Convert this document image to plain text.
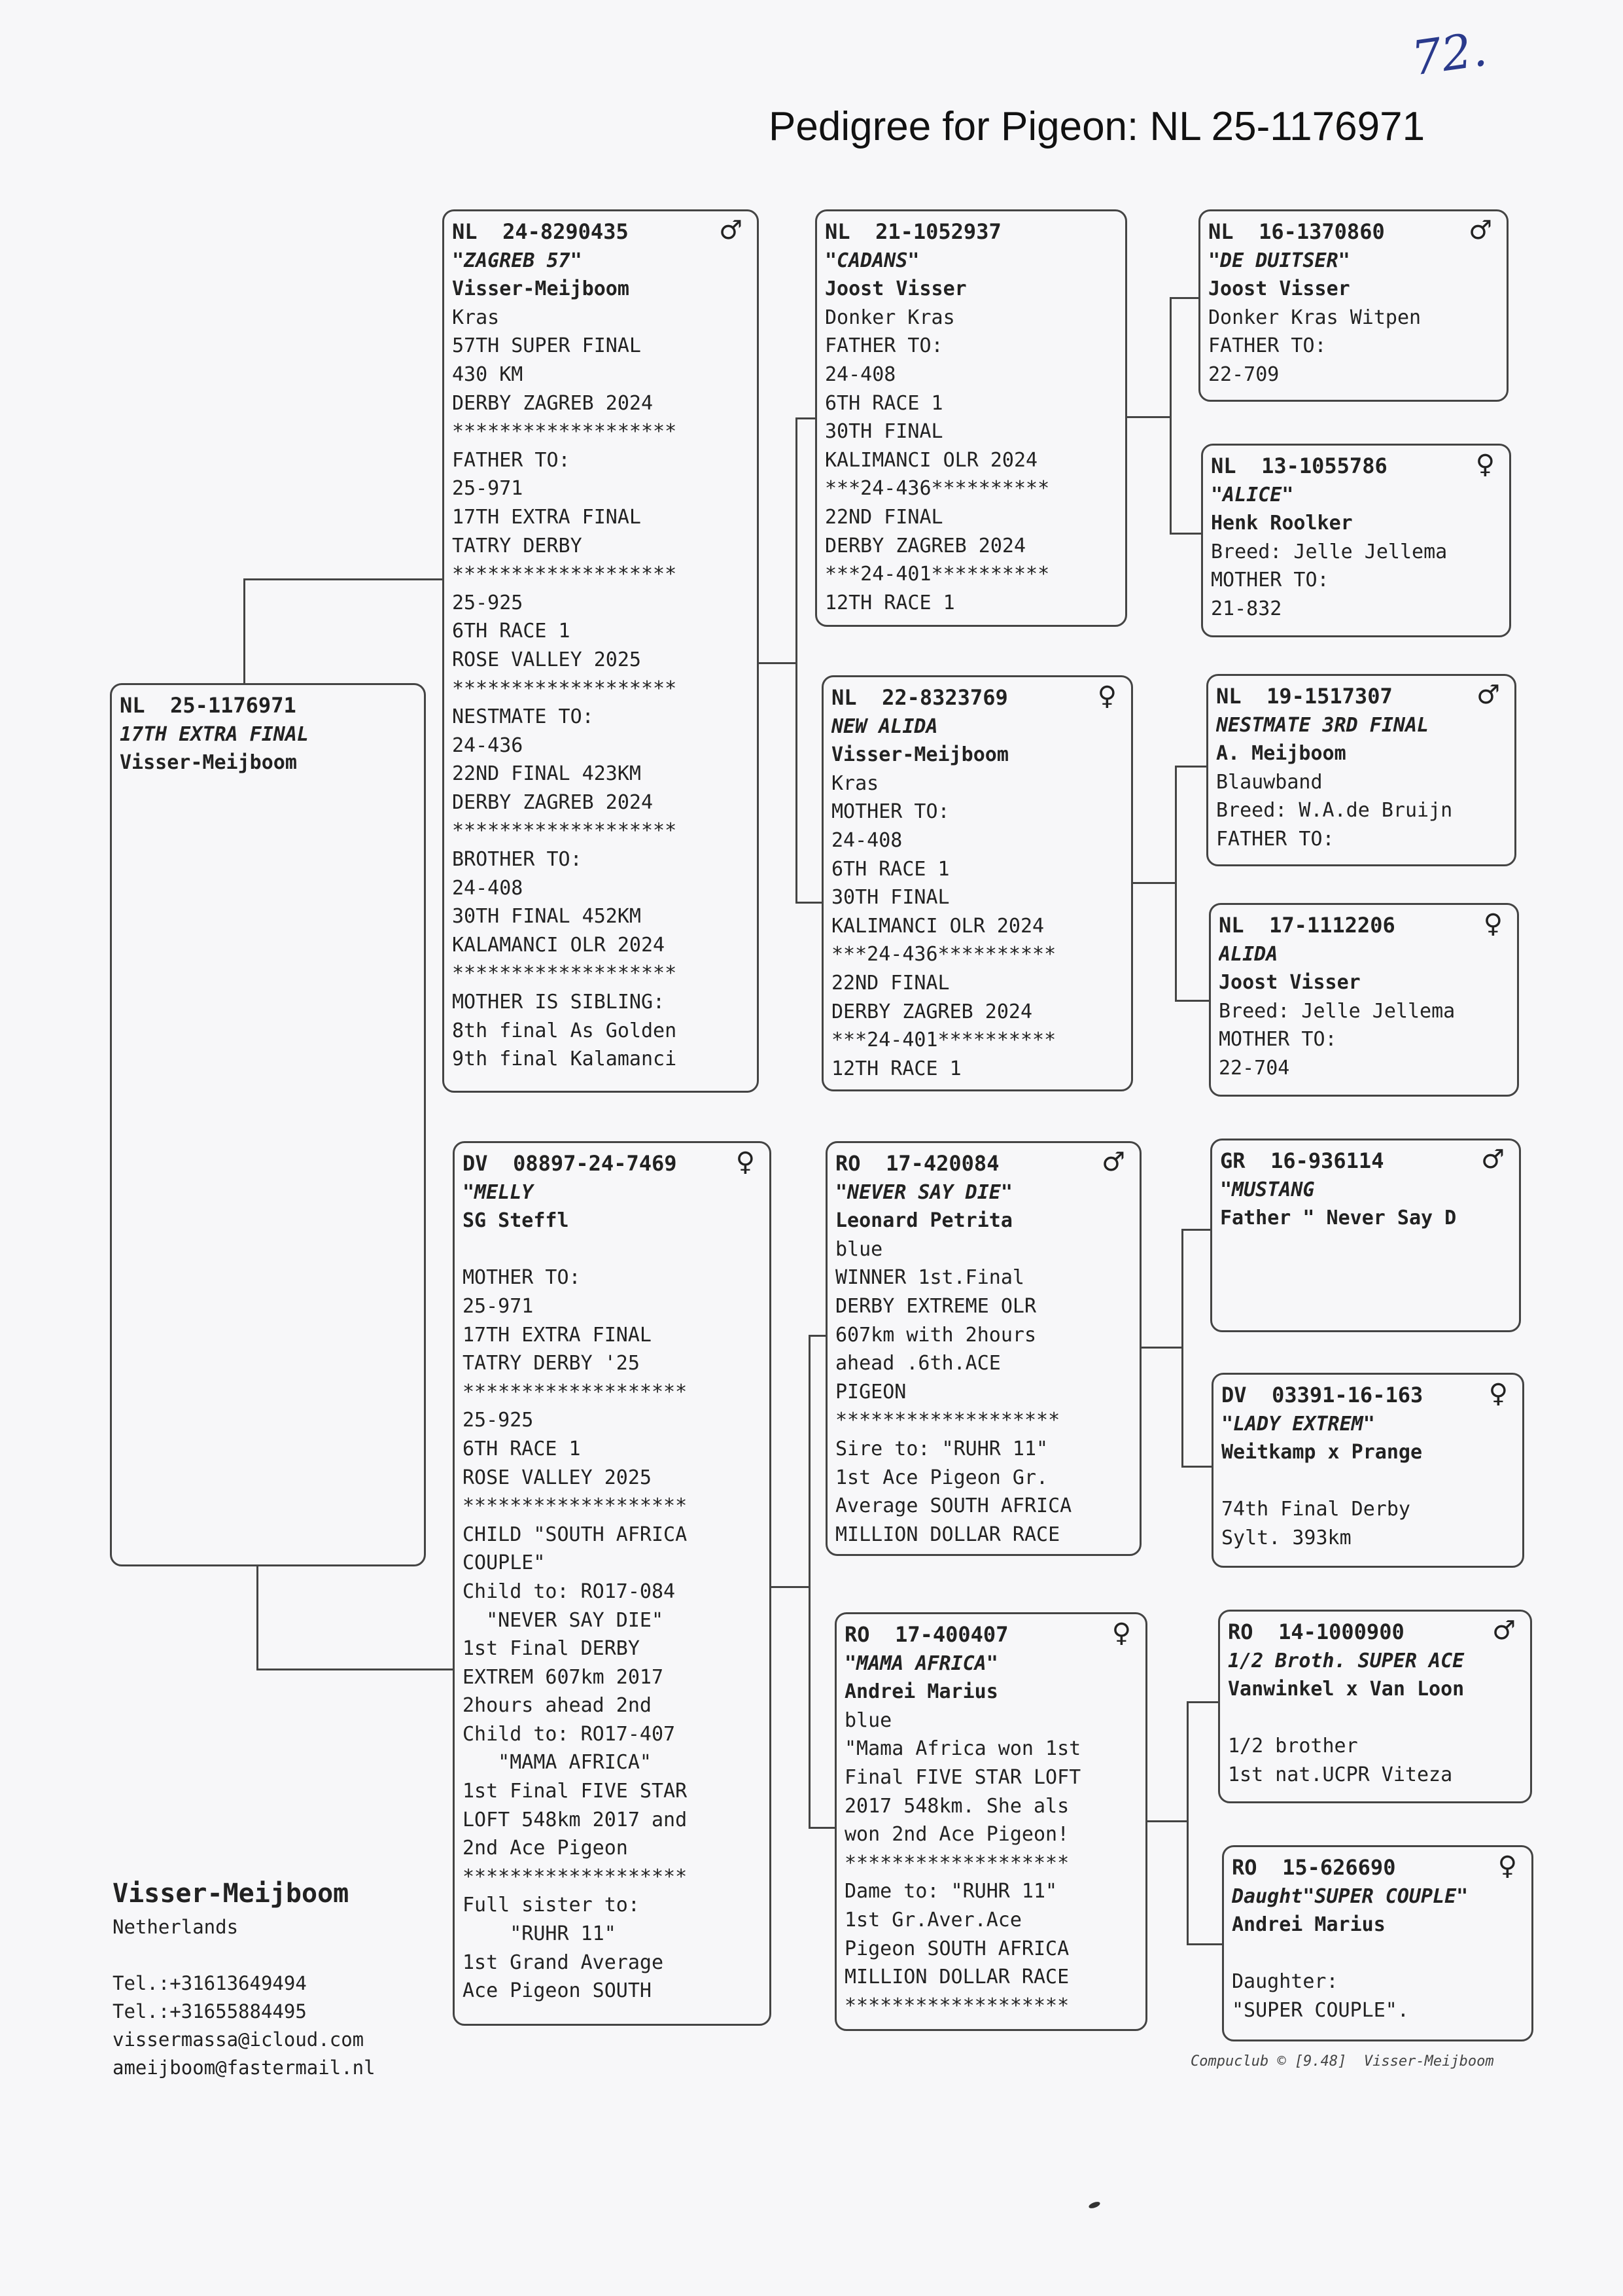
Pedigree for Pigeon: NL 25-1176971
72.
NL  25-1176971
17TH EXTRA FINAL
Visser-Meijboom
NL  24-8290435	♂
"ZAGREB 57"
Visser-Meijboom
Kras
57TH SUPER FINAL
430 KM
DERBY ZAGREB 2024
*******************
FATHER TO:
25-971
17TH EXTRA FINAL
TATRY DERBY
*******************
25-925
6TH RACE 1
ROSE VALLEY 2025
*******************
NESTMATE TO:
24-436
22ND FINAL 423KM
DERBY ZAGREB 2024
*******************
BROTHER TO:
24-408
30TH FINAL 452KM
KALAMANCI OLR 2024
*******************
MOTHER IS SIBLING:
8th final As Golden
9th final Kalamanci
DV  08897-24-7469	♀
"MELLY
SG Steffl

MOTHER TO:
25-971
17TH EXTRA FINAL
TATRY DERBY '25
*******************
25-925
6TH RACE 1
ROSE VALLEY 2025
*******************
CHILD "SOUTH AFRICA
COUPLE"
Child to: RO17-084
"NEVER SAY DIE"
1st Final DERBY
EXTREM 607km 2017
2hours ahead 2nd
Child to: RO17-407
"MAMA AFRICA"
1st Final FIVE STAR
LOFT 548km 2017 and
2nd Ace Pigeon
*******************
Full sister to:
"RUHR 11"
1st Grand Average
Ace Pigeon SOUTH
NL  21-1052937
"CADANS"
Joost Visser
Donker Kras
FATHER TO:
24-408
6TH RACE 1
30TH FINAL
KALIMANCI OLR 2024
***24-436**********
22ND FINAL
DERBY ZAGREB 2024
***24-401**********
12TH RACE 1
NL  22-8323769	♀
NEW ALIDA
Visser-Meijboom
Kras
MOTHER TO:
24-408
6TH RACE 1
30TH FINAL
KALIMANCI OLR 2024
***24-436**********
22ND FINAL
DERBY ZAGREB 2024
***24-401**********
12TH RACE 1
RO  17-420084	♂
"NEVER SAY DIE"
Leonard Petrita
blue
WINNER 1st.Final
DERBY EXTREME OLR
607km with 2hours
ahead .6th.ACE
PIGEON
*******************
Sire to: "RUHR 11"
1st Ace Pigeon Gr.
Average SOUTH AFRICA
MILLION DOLLAR RACE
RO  17-400407	♀
"MAMA AFRICA"
Andrei Marius
blue
"Mama Africa won 1st
Final FIVE STAR LOFT
2017 548km. She als
won 2nd Ace Pigeon!
*******************
Dame to: "RUHR 11"
1st Gr.Aver.Ace
Pigeon SOUTH AFRICA
MILLION DOLLAR RACE
*******************
NL  16-1370860	♂
"DE DUITSER"
Joost Visser
Donker Kras Witpen
FATHER TO:
22-709
NL  13-1055786	♀
"ALICE"
Henk Roolker
Breed: Jelle Jellema
MOTHER TO:
21-832
NL  19-1517307	♂
NESTMATE 3RD FINAL
A. Meijboom
Blauwband
Breed: W.A.de Bruijn
FATHER TO:
NL  17-1112206	♀
ALIDA
Joost Visser
Breed: Jelle Jellema
MOTHER TO:
22-704
GR  16-936114	♂
"MUSTANG
Father " Never Say D
DV  03391-16-163	♀
"LADY EXTREM"
Weitkamp x Prange

74th Final Derby
Sylt. 393km
RO  14-1000900	♂
1/2 Broth. SUPER ACE
Vanwinkel x Van Loon

1/2 brother
1st nat.UCPR Viteza
RO  15-626690	♀
Daught"SUPER COUPLE"
Andrei Marius

Daughter:
"SUPER COUPLE".
Visser-Meijboom
Netherlands

Tel.:+31613649494
Tel.:+31655884495
vissermassa@icloud.com
ameijboom@fastermail.nl	Compuclub © [9.48]  Visser-Meijboom
